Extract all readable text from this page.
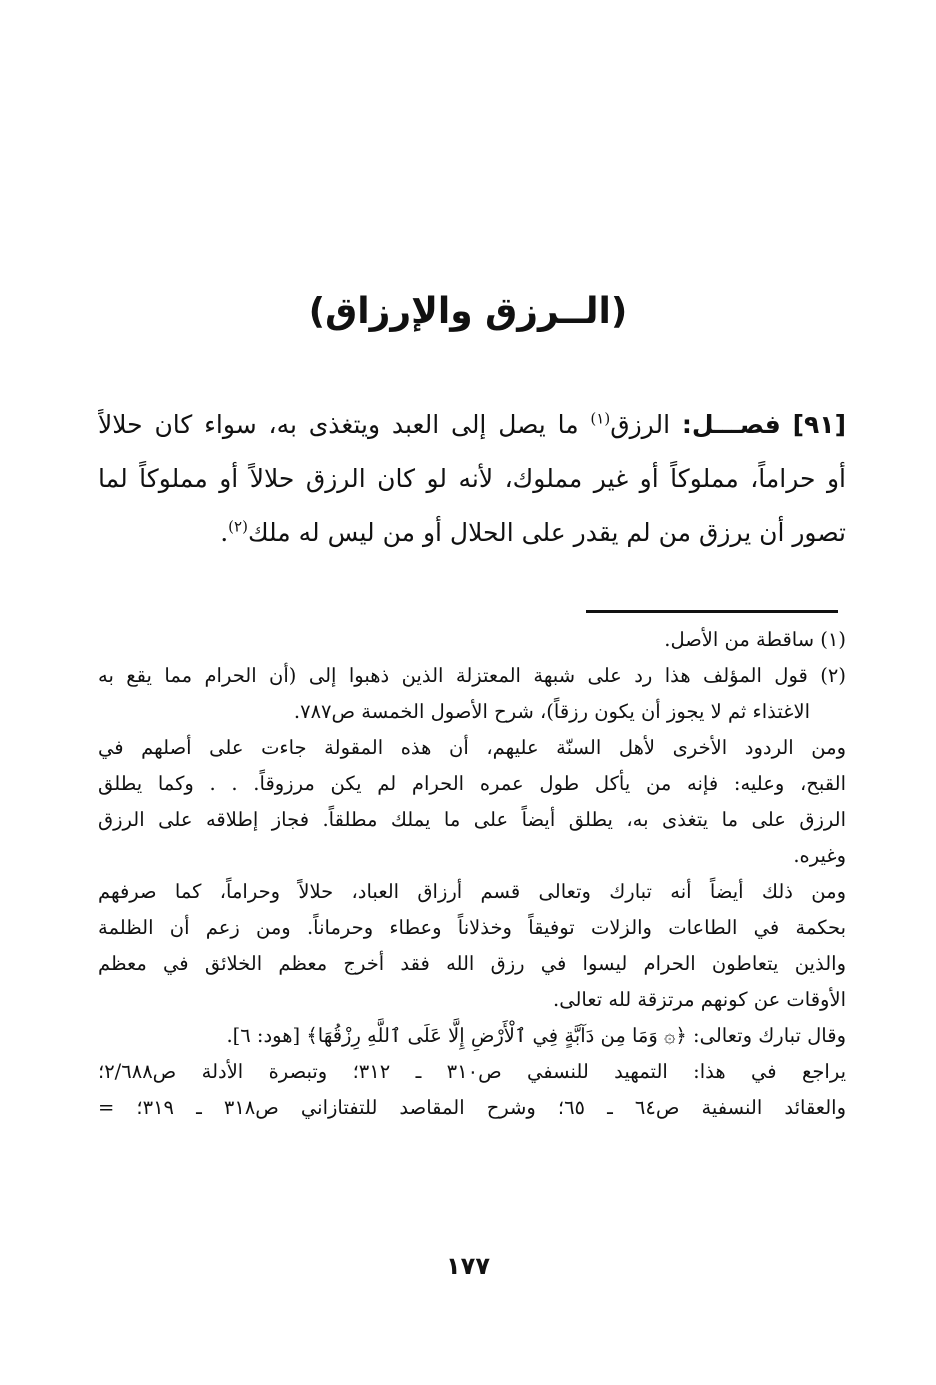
(الــرزق والإرزاق)
[٩١] فصـــل: الرزق$^{(١)}$ ما يصل إلى العبد ويتغذى به، سواء كان حلالاً
أو حراماً، مملوكاً أو غير مملوك، لأنه لو كان الرزق حلالاً أو مملوكاً لما
تصور أن يرزق من لم يقدر على الحلال أو من ليس له ملك$^{(٢)}$.
(١) ساقطة من الأصل.
(٢) قول المؤلف هذا رد على شبهة المعتزلة الذين ذهبوا إلى (أن الحرام مما يقع به
الاغتذاء ثم لا يجوز أن يكون رزقاً)، شرح الأصول الخمسة ص٧٨٧.
ومن الردود الأخرى لأهل السنّة عليهم، أن هذه المقولة جاءت على أصلهم في
القبح، وعليه: فإنه من يأكل طول عمره الحرام لم يكن مرزوقاً. . . وكما يطلق
الرزق على ما يتغذى به، يطلق أيضاً على ما يملك مطلقاً. فجاز إطلاقه على الرزق
وغيره.
ومن ذلك أيضاً أنه تبارك وتعالى قسم أرزاق العباد، حلالاً وحراماً، كما صرفهم
بحكمة في الطاعات والزلات توفيقاً وخذلاناً وعطاء وحرماناً. ومن زعم أن الظلمة
والذين يتعاطون الحرام ليسوا في رزق الله فقد أخرج معظم الخلائق في معظم
الأوقات عن كونهم مرتزقة لله تعالى.
وقال تبارك وتعالى: ﴿۞ وَمَا مِن دَآبَّةٍ فِي ٱلْأَرْضِ إِلَّا عَلَى ٱللَّهِ رِزْقُهَا﴾ [هود: ٦].
يراجع في هذا: التمهيد للنسفي ص٣١٠ ـ ٣١٢؛ وتبصرة الأدلة ص٢/٦٨٨؛
والعقائد النسفية ص٦٤ ـ ٦٥؛ وشرح المقاصد للتفتازاني ص٣١٨ ـ ٣١٩؛ =
١٧٧
